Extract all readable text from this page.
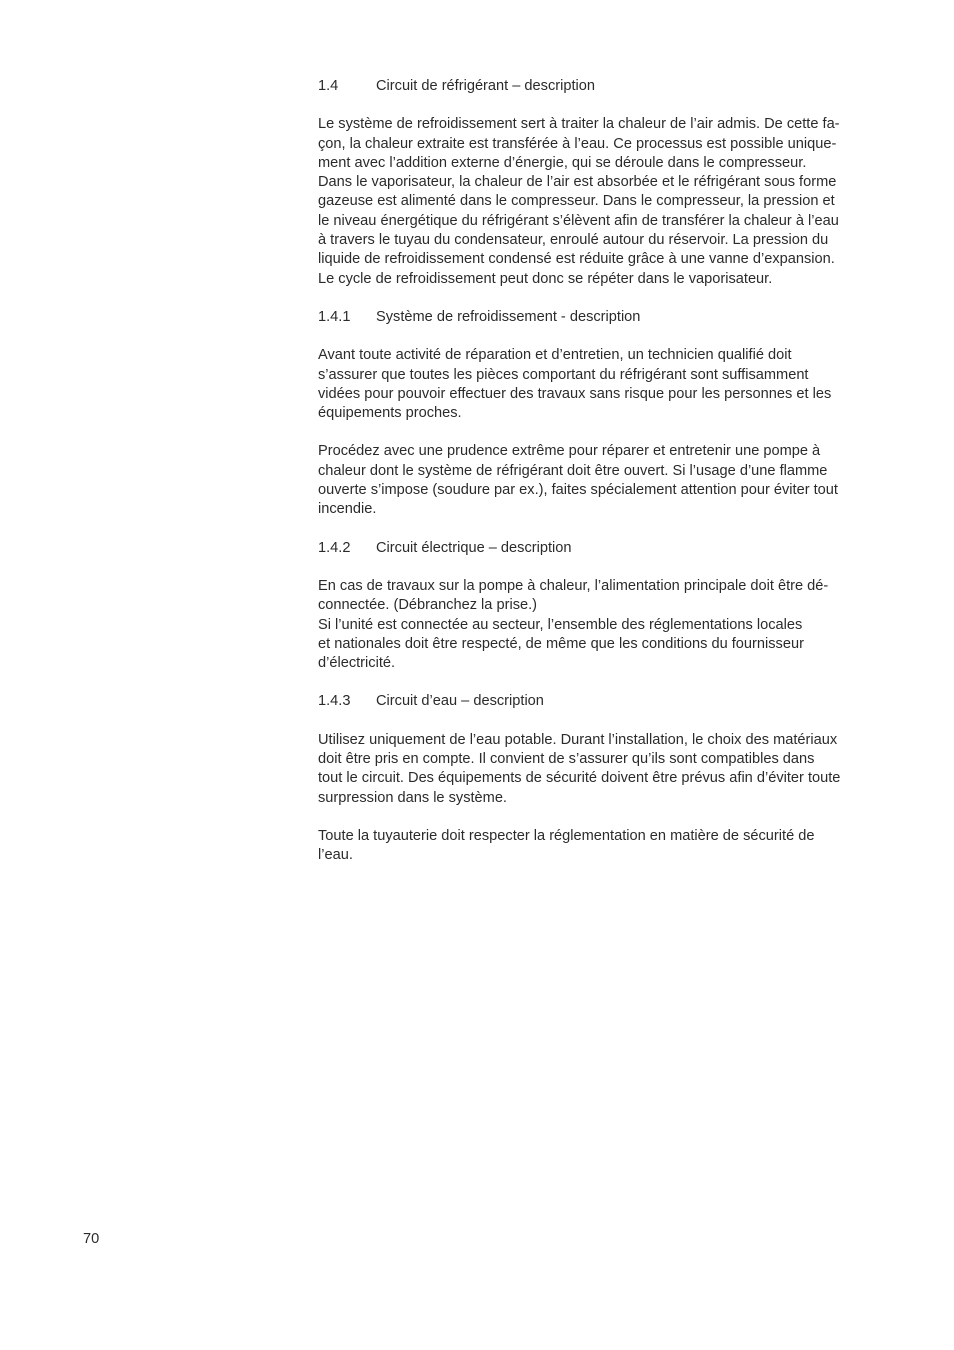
1.4	Circuit de réfrigérant – description

Le système de refroidissement sert à traiter la chaleur de l’air admis. De cette fa-
çon, la chaleur extraite est transférée à l’eau. Ce processus est possible unique-
ment avec l’addition externe d’énergie, qui se déroule dans le compresseur.
Dans le vaporisateur, la chaleur de l’air est absorbée et le réfrigérant sous forme
gazeuse est alimenté dans le compresseur. Dans le compresseur, la pression et
le niveau énergétique du réfrigérant s’élèvent afin de transférer la chaleur à l’eau
à travers le tuyau du condensateur, enroulé autour du réservoir. La pression du
liquide de refroidissement condensé est réduite grâce à une vanne d’expansion.
Le cycle de refroidissement peut donc se répéter dans le vaporisateur.

1.4.1	Système de refroidissement - description

Avant toute activité de réparation et d’entretien, un technicien qualifié doit
s’assurer que toutes les pièces comportant du réfrigérant sont suffisamment
vidées pour pouvoir effectuer des travaux sans risque pour les personnes et les
équipements proches.

Procédez avec une prudence extrême pour réparer et entretenir une pompe à
chaleur dont le système de réfrigérant doit être ouvert. Si l’usage d’une flamme
ouverte s’impose (soudure par ex.), faites spécialement attention pour éviter tout
incendie.

1.4.2	Circuit électrique – description

En cas de travaux sur la pompe à chaleur, l’alimentation principale doit être dé-
connectée. (Débranchez la prise.)
Si l’unité est connectée au secteur, l’ensemble des réglementations locales
et nationales doit être respecté, de même que les conditions du fournisseur
d’électricité.

1.4.3	Circuit d’eau – description

Utilisez uniquement de l’eau potable. Durant l’installation, le choix des matériaux
doit être pris en compte. Il convient de s’assurer qu’ils sont compatibles dans
tout le circuit. Des équipements de sécurité doivent être prévus afin d’éviter toute
surpression dans le système.

Toute la tuyauterie doit respecter la réglementation en matière de sécurité de
l’eau.

70
